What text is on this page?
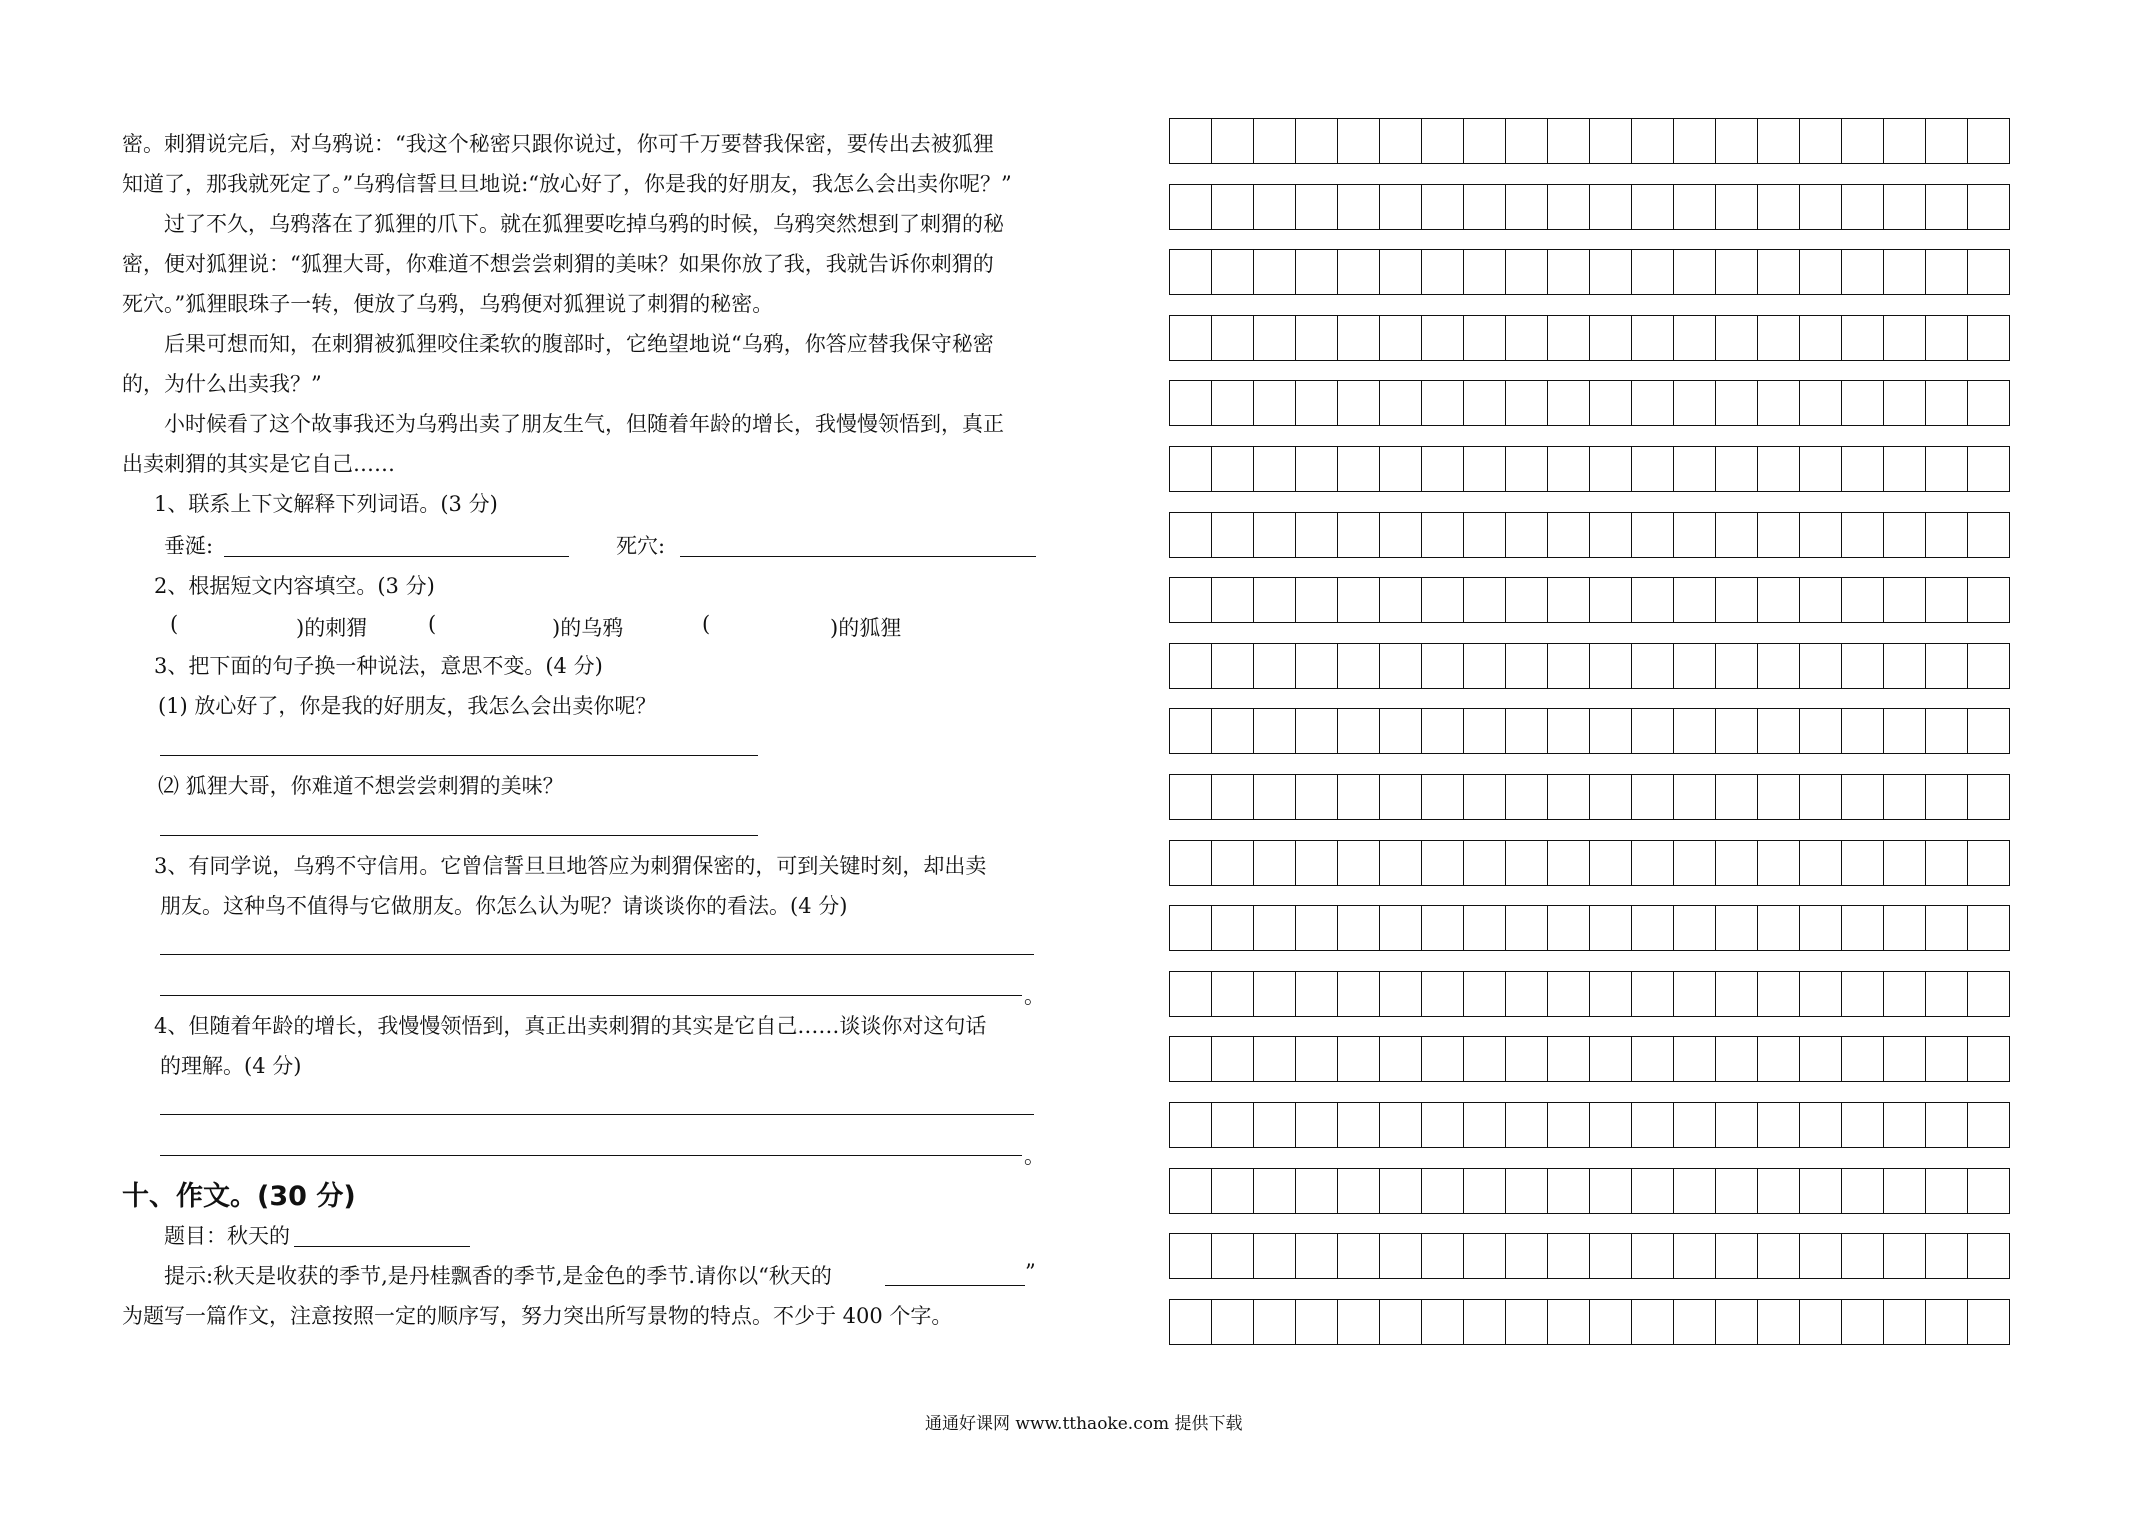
密。刺猬说完后，对乌鸦说：“我这个秘密只跟你说过，你可千万要替我保密，要传出去被狐狸
知道了，那我就死定了。”乌鸦信誓旦旦地说:“放心好了，你是我的好朋友，我怎么会出卖你呢？”
过了不久，乌鸦落在了狐狸的爪下。就在狐狸要吃掉乌鸦的时候，乌鸦突然想到了刺猬的秘
密，便对狐狸说：“狐狸大哥，你难道不想尝尝刺猬的美味？如果你放了我，我就告诉你刺猬的
死穴。”狐狸眼珠子一转，便放了乌鸦，乌鸦便对狐狸说了刺猬的秘密。
后果可想而知，在刺猬被狐狸咬住柔软的腹部时，它绝望地说“乌鸦，你答应替我保守秘密
的，为什么出卖我？”
小时候看了这个故事我还为乌鸦出卖了朋友生气，但随着年龄的增长，我慢慢领悟到，真正
出卖刺猬的其实是它自己……
1、联系上下文解释下列词语。(3 分)
垂涎:	死穴:
2、根据短文内容填空。(3 分)
(	)的刺猬	(	)的乌鸦	(	)的狐狸
3、把下面的句子换一种说法，意思不变。(4 分)
(1) 放心好了，你是我的好朋友，我怎么会出卖你呢？
⑵ 狐狸大哥，你难道不想尝尝刺猬的美味？
3、有同学说，乌鸦不守信用。它曾信誓旦旦地答应为刺猬保密的，可到关键时刻，却出卖
朋友。这种鸟不值得与它做朋友。你怎么认为呢？请谈谈你的看法。(4 分)
。
4、但随着年龄的增长，我慢慢领悟到，真正出卖刺猬的其实是它自己……谈谈你对这句话
的理解。(4 分)
。
十、作文。(30 分)
题目：秋天的
提示:秋天是收获的季节,是丹桂飘香的季节,是金色的季节.请你以“秋天的	”
为题写一篇作文，注意按照一定的顺序写，努力突出所写景物的特点。不少于 400 个字。
通通好课网 www.tthaoke.com 提供下载
